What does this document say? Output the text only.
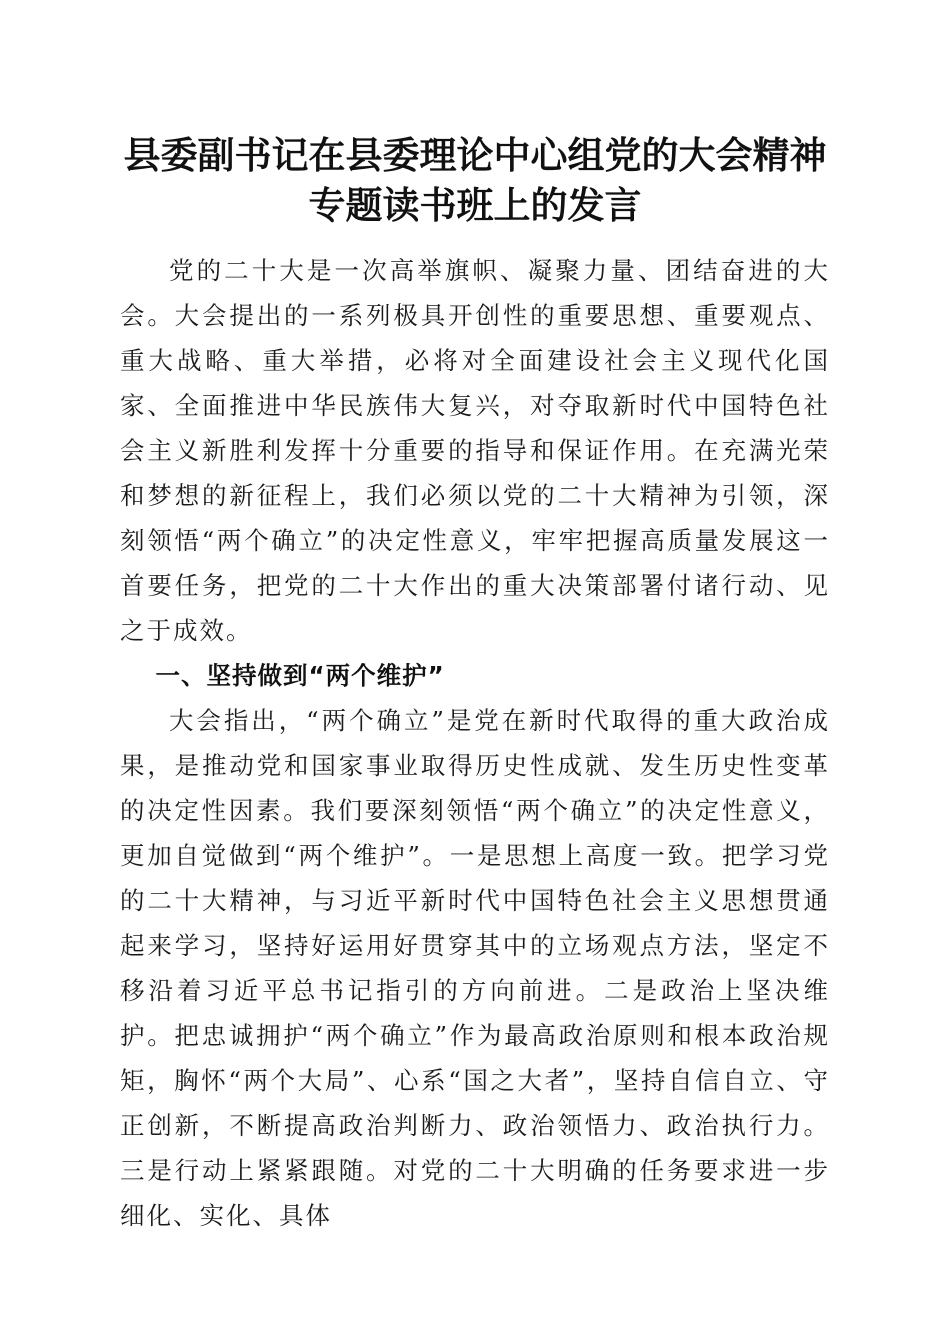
县委副书记在县委理论中心组党的大会精神专题读书班上的发言

党的二十大是一次高举旗帜、凝聚力量、团结奋进的大会。大会提出的一系列极具开创性的重要思想、重要观点、重大战略、重大举措，必将对全面建设社会主义现代化国家、全面推进中华民族伟大复兴，对夺取新时代中国特色社会主义新胜利发挥十分重要的指导和保证作用。在充满光荣和梦想的新征程上，我们必须以党的二十大精神为引领，深刻领悟“两个确立”的决定性意义，牢牢把握高质量发展这一首要任务，把党的二十大作出的重大决策部署付诸行动、见之于成效。

一、坚持做到“两个维护”

大会指出，“两个确立”是党在新时代取得的重大政治成果，是推动党和国家事业取得历史性成就、发生历史性变革的决定性因素。我们要深刻领悟“两个确立”的决定性意义，更加自觉做到“两个维护”。一是思想上高度一致。把学习党的二十大精神，与习近平新时代中国特色社会主义思想贯通起来学习，坚持好运用好贯穿其中的立场观点方法，坚定不移沿着习近平总书记指引的方向前进。二是政治上坚决维护。把忠诚拥护“两个确立”作为最高政治原则和根本政治规矩，胸怀“两个大局”、心系“国之大者”，坚持自信自立、守正创新，不断提高政治判断力、政治领悟力、政治执行力。三是行动上紧紧跟随。对党的二十大明确的任务要求进一步细化、实化、具体
